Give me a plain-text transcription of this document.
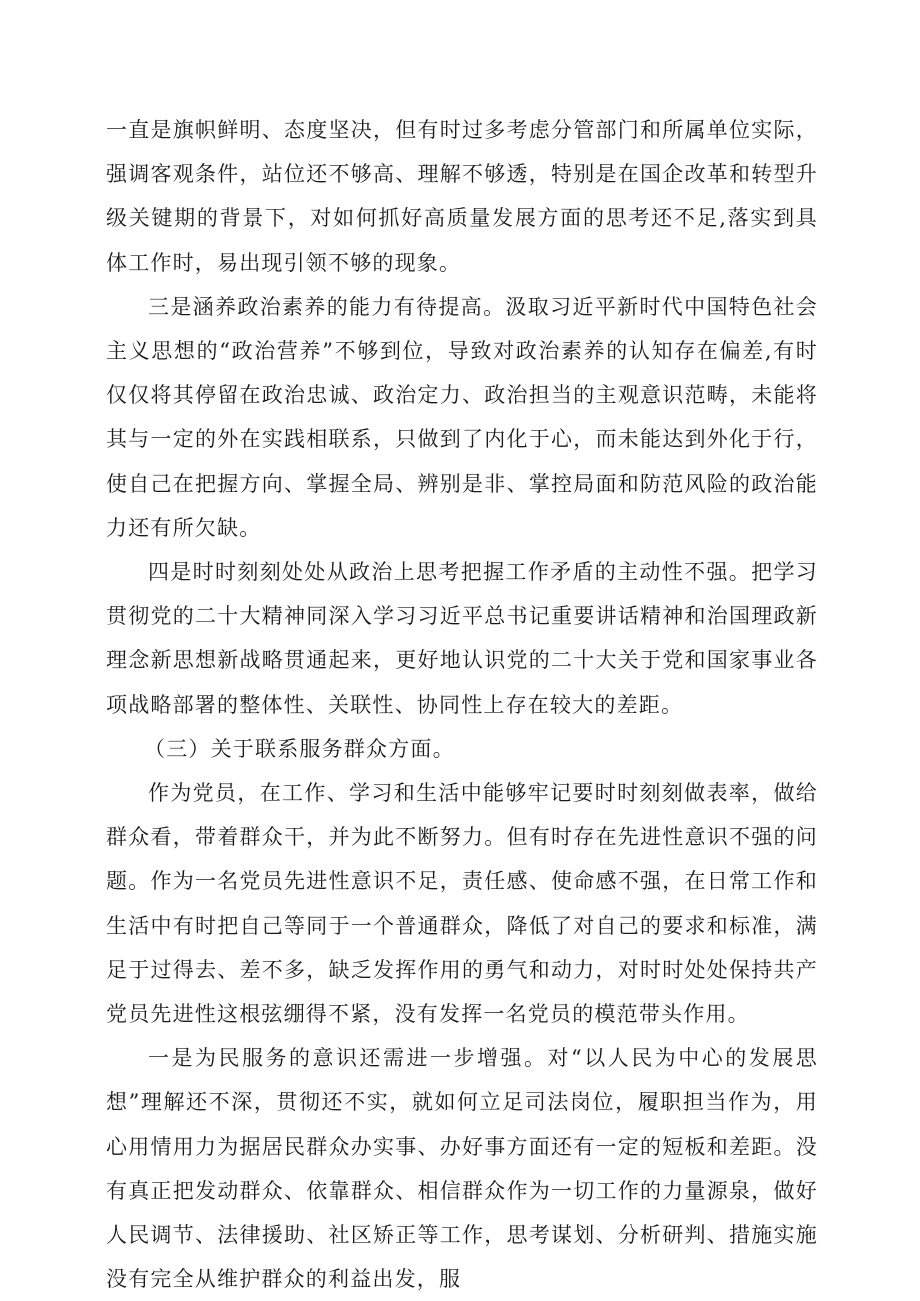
一直是旗帜鲜明、态度坚决，但有时过多考虑分管部门和所属单位实际，强调客观条件，站位还不够高、理解不够透，特别是在国企改革和转型升级关键期的背景下，对如何抓好高质量发展方面的思考还不足,落实到具体工作时，易出现引领不够的现象。

三是涵养政治素养的能力有待提高。汲取习近平新时代中国特色社会主义思想的“政治营养”不够到位，导致对政治素养的认知存在偏差,有时仅仅将其停留在政治忠诚、政治定力、政治担当的主观意识范畴，未能将其与一定的外在实践相联系，只做到了内化于心，而未能达到外化于行，使自己在把握方向、掌握全局、辨别是非、掌控局面和防范风险的政治能力还有所欠缺。

四是时时刻刻处处从政治上思考把握工作矛盾的主动性不强。把学习贯彻党的二十大精神同深入学习习近平总书记重要讲话精神和治国理政新理念新思想新战略贯通起来，更好地认识党的二十大关于党和国家事业各项战略部署的整体性、关联性、协同性上存在较大的差距。

（三）关于联系服务群众方面。

作为党员，在工作、学习和生活中能够牢记要时时刻刻做表率，做给群众看，带着群众干，并为此不断努力。但有时存在先进性意识不强的问题。作为一名党员先进性意识不足，责任感、使命感不强，在日常工作和生活中有时把自己等同于一个普通群众，降低了对自己的要求和标准，满足于过得去、差不多，缺乏发挥作用的勇气和动力，对时时处处保持共产党员先进性这根弦绷得不紧，没有发挥一名党员的模范带头作用。

一是为民服务的意识还需进一步增强。对“以人民为中心的发展思想”理解还不深，贯彻还不实，就如何立足司法岗位，履职担当作为，用心用情用力为据居民群众办实事、办好事方面还有一定的短板和差距。没有真正把发动群众、依靠群众、相信群众作为一切工作的力量源泉，做好人民调节、法律援助、社区矫正等工作，思考谋划、分析研判、措施实施没有完全从维护群众的利益出发，服
